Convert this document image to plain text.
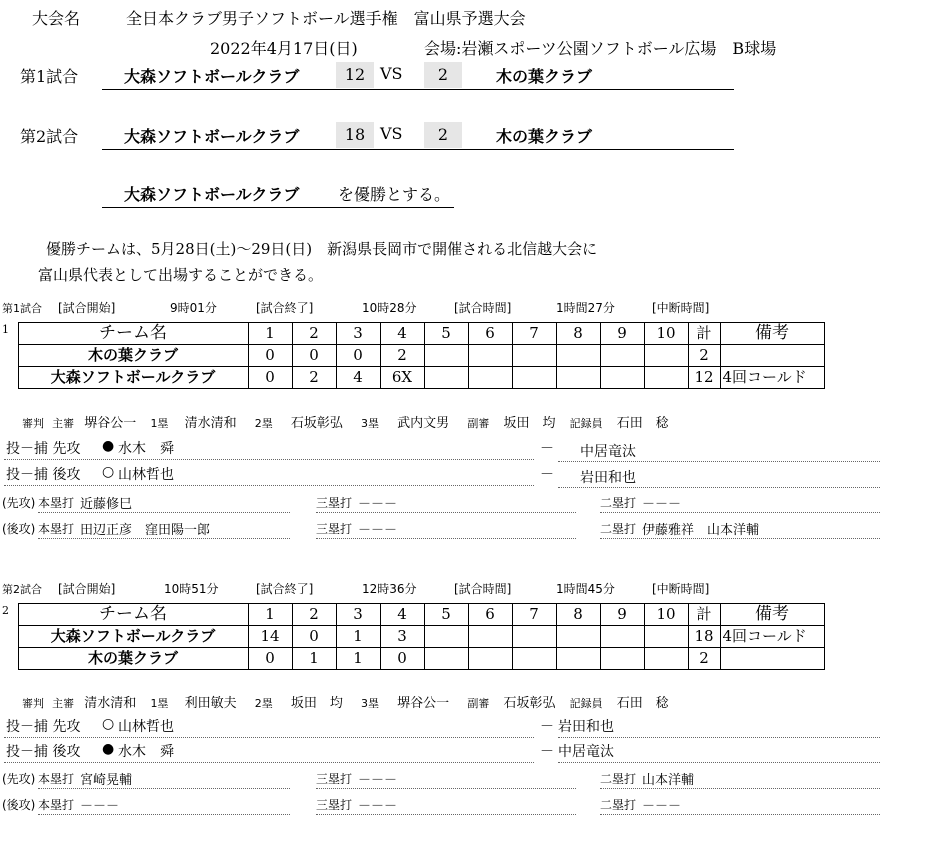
大会名	全日本クラブ男子ソフトボール選手権　富山県予選大会
2022年4月17日(日)	会場:岩瀬スポーツ公園ソフトボール広場　B球場
第1試合	大森ソフトボールクラブ	12 VS	2	木の葉クラブ
第2試合	大森ソフトボールクラブ	18 VS	2	木の葉クラブ
大森ソフトボールクラブ を優勝とする。
優勝チームは、5月28日(土)～29日(日)　新潟県長岡市で開催される北信越大会に
富山県代表として出場することができる。
第1試合 [試合開始]	9時01分	[試合終了]	10時28分	[試合時間]	1時間27分	[中断時間]
1	チーム名	1	2	3	4	5	6	7	8	9	10	計	備考
	木の葉クラブ	0	0	0	2							2	
	大森ソフトボールクラブ	0	2	4	6X							12	4回コールド
審判 主審 堺谷公一 1塁 清水清和 2塁 石坂彰弘 3塁 武内文男 副審 坂田　均 記録員 石田　稔
投－捕 先攻 ● 水木　舜	－ 中居竜汰
投－捕 後攻 ○ 山林哲也	－ 岩田和也
(先攻) 本塁打 近藤修巳	三塁打 －－－	二塁打 －－－
(後攻) 本塁打 田辺正彦　窪田陽一郎	三塁打 －－－	二塁打 伊藤雅祥　山本洋輔
第2試合 [試合開始]	10時51分	[試合終了]	12時36分	[試合時間]	1時間45分	[中断時間]
2	チーム名	1	2	3	4	5	6	7	8	9	10	計	備考
	大森ソフトボールクラブ	14	0	1	3							18	4回コールド
	木の葉クラブ	0	1	1	0							2	
審判 主審 清水清和 1塁 利田敏夫 2塁 坂田　均 3塁 堺谷公一 副審 石坂彰弘 記録員 石田　稔
投－捕 先攻 ○ 山林哲也	－ 岩田和也
投－捕 後攻 ● 水木　舜	－ 中居竜汰
(先攻) 本塁打 宮崎晃輔	三塁打 －－－	二塁打 山本洋輔
(後攻) 本塁打 －－－	三塁打 －－－	二塁打 －－－
